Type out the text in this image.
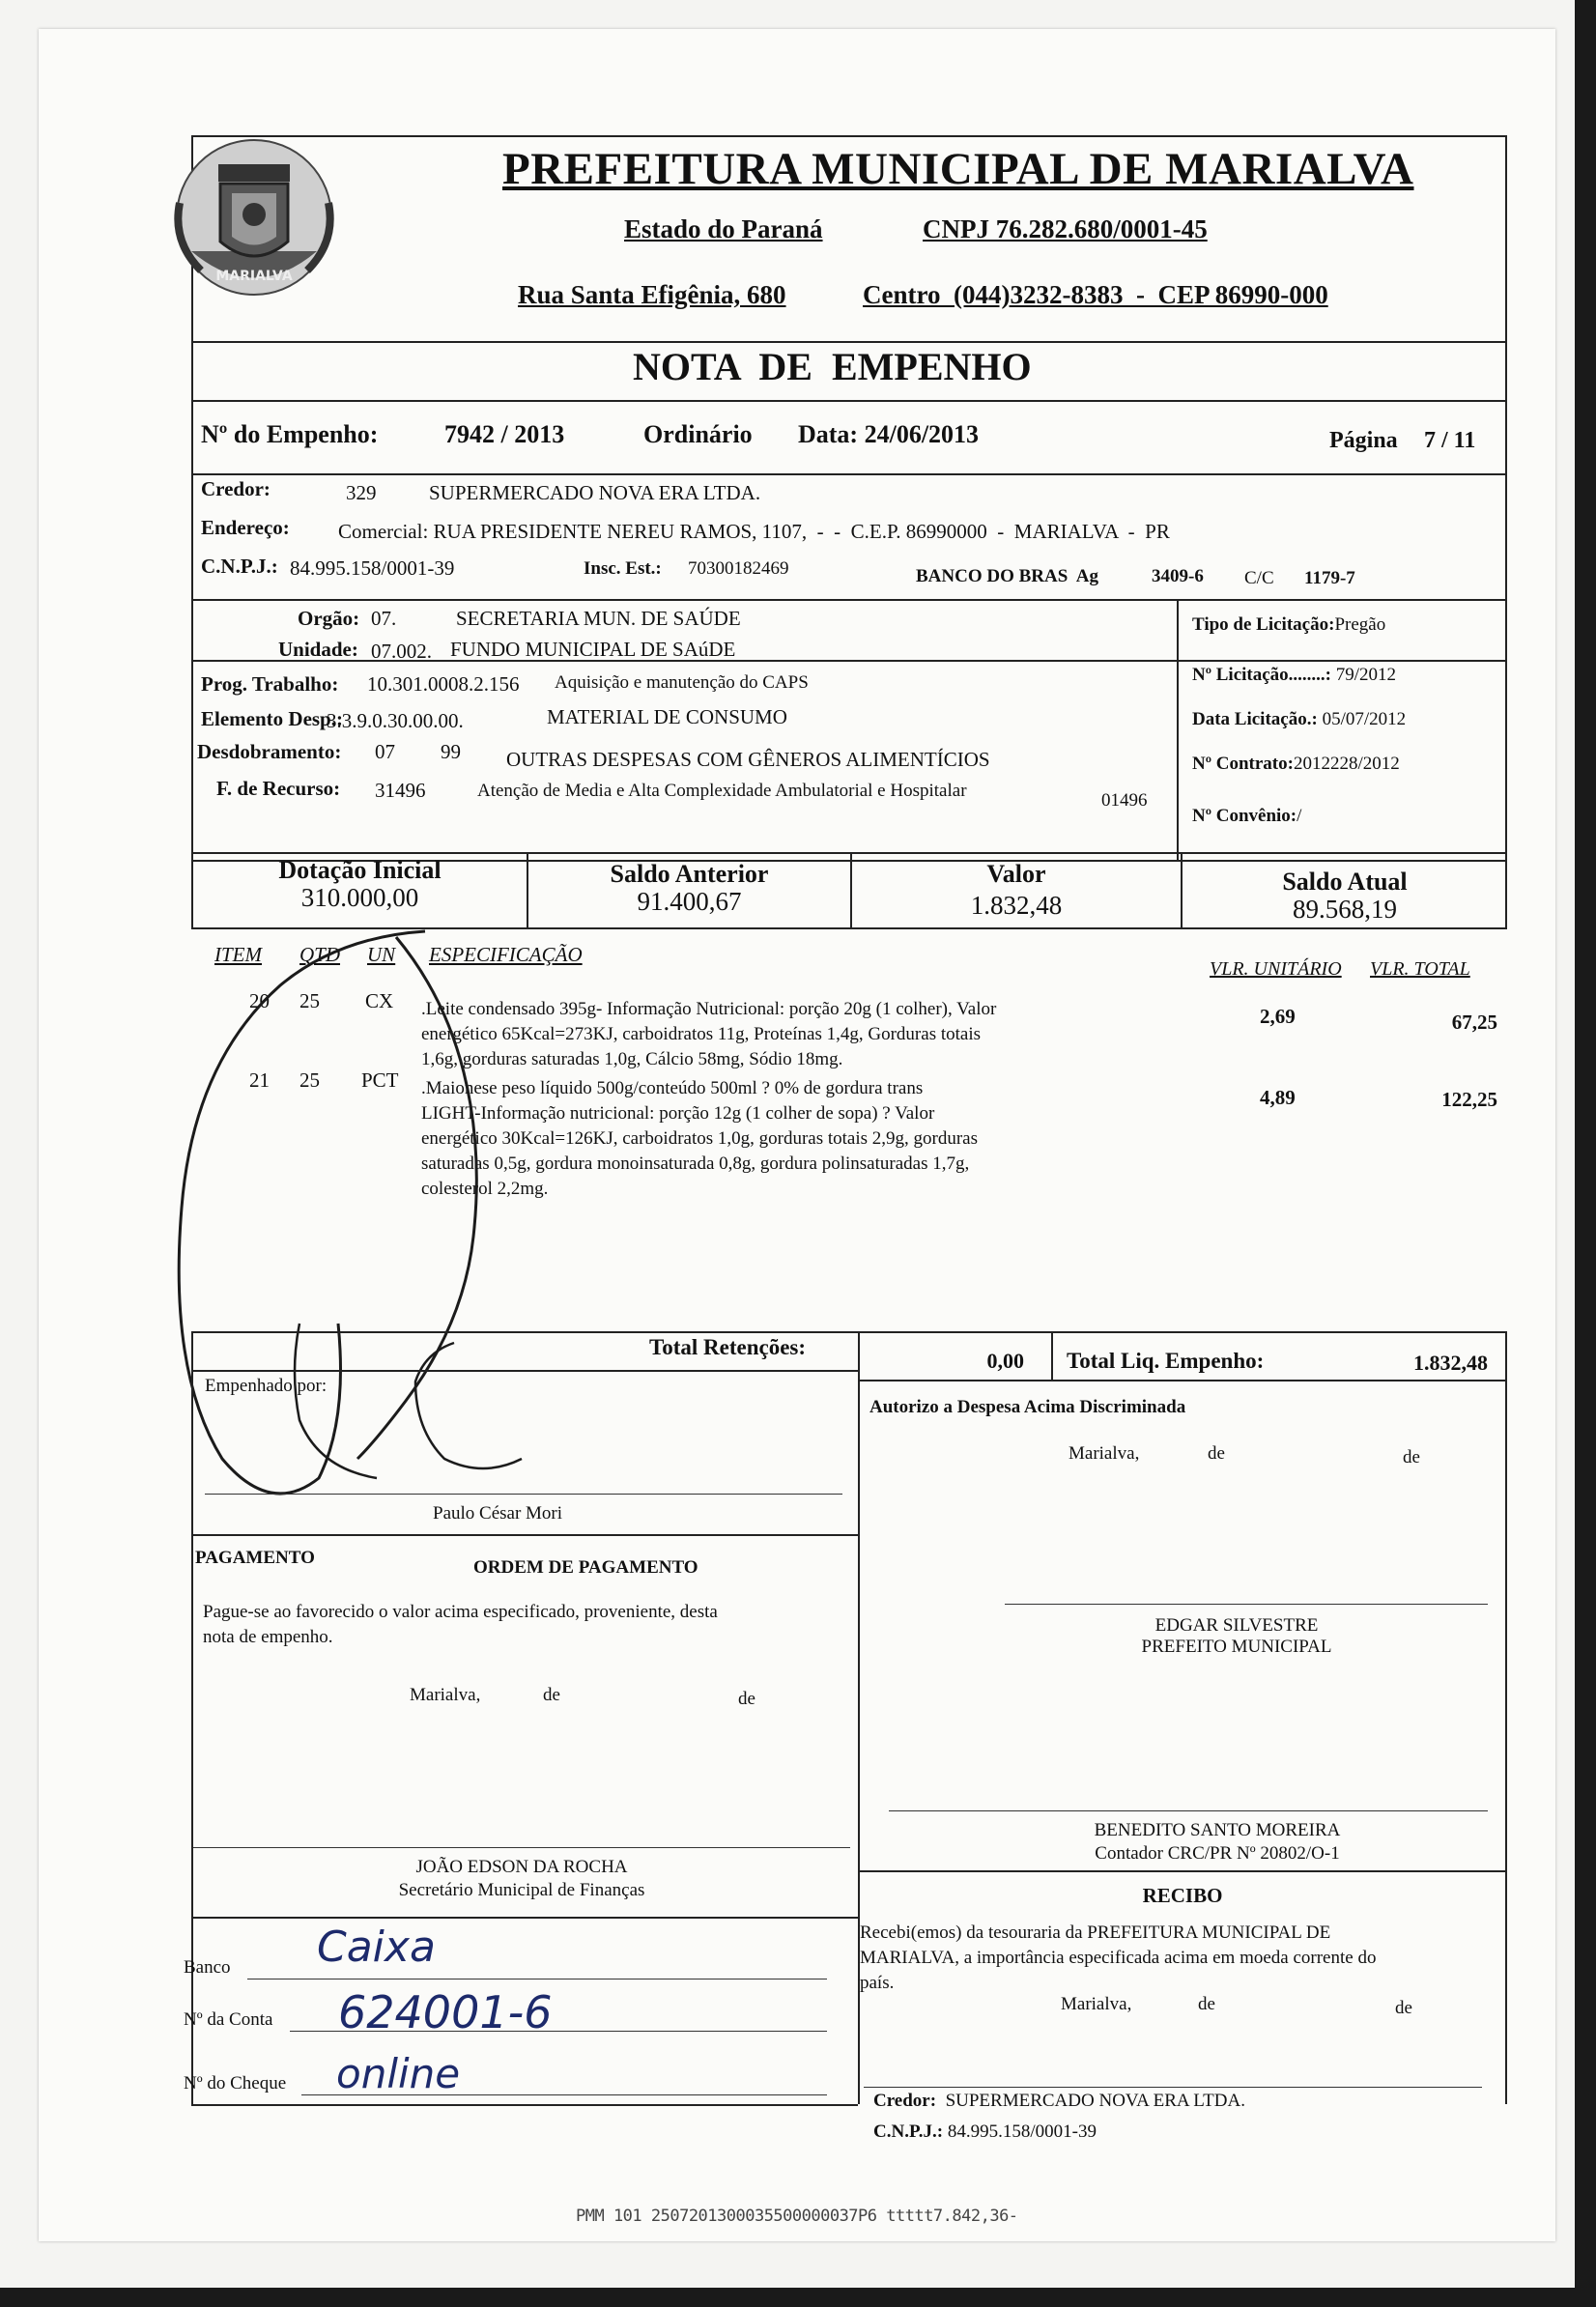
MARIALVA
PREFEITURA MUNICIPAL DE MARIALVA
Estado do Paraná	CNPJ 76.282.680/0001-45
Rua Santa Efigênia, 680	Centro  (044)3232-8383  -  CEP 86990-000
NOTA  DE  EMPENHO
Nº do Empenho:	7942 / 2013	Ordinário Data: 24/06/2013	Página 7 / 11
Credor:	329	SUPERMERCADO NOVA ERA LTDA.
Endereço: Comercial: RUA PRESIDENTE NEREU RAMOS, 1107,  -  -  C.E.P. 86990000  -  MARIALVA  -  PR
C.N.P.J.: 84.995.158/0001-39	Insc. Est.: 70300182469	BANCO DO BRAS  Ag	3409-6 C/C 1179-7
Orgão: 07.	SECRETARIA MUN. DE SAÚDE
Unidade: 07.002. FUNDO MUNICIPAL DE SAúDE
Prog. Trabalho: 10.301.0008.2.156 Aquisição e manutenção do CAPS
Elemento Desp.:
3.3.9.0.30.00.00.	MATERIAL DE CONSUMO
Desdobramento: 07 99 OUTRAS DESPESAS COM GÊNEROS ALIMENTÍCIOS
F. de Recurso: 31496	Atenção de Media e Alta Complexidade Ambulatorial e Hospitalar	01496
Tipo de Licitação:Pregão
Nº Licitação........: 79/2012
Data Licitação.: 05/07/2012
Nº Contrato:2012228/2012
Nº Convênio:/
Dotação Inicial
310.000,00
Saldo Anterior
91.400,67
Valor
1.832,48
Saldo Atual
89.568,19
ITEM QTD UN ESPECIFICAÇÃO
VLR. UNITÁRIO VLR. TOTAL
20 25 CX .Leite condensado 395g- Informação Nutricional: porção 20g (1 colher), Valor
energético 65Kcal=273KJ, carboidratos 11g, Proteínas 1,4g, Gorduras totais
1,6g, gorduras saturadas 1,0g, Cálcio 58mg, Sódio 18mg.
2,69	67,25
21 25 PCT .Maionese peso líquido 500g/conteúdo 500ml ? 0% de gordura trans
LIGHT-Informação nutricional: porção 12g (1 colher de sopa) ? Valor
energético 30Kcal=126KJ, carboidratos 1,0g, gorduras totais 2,9g, gorduras
saturadas 0,5g, gordura monoinsaturada 0,8g, gordura polinsaturadas 1,7g,
colesterol 2,2mg.
4,89	122,25
Total Retenções:
0,00 Total Liq. Empenho:	1.832,48
Empenhado por:
Paulo César Mori
Autorizo a Despesa Acima Discriminada
Marialva,	de	de
PAGAMENTO	ORDEM DE PAGAMENTO
Pague-se ao favorecido o valor acima especificado, proveniente, desta
nota de empenho.
Marialva,	de	de
JOÃO EDSON DA ROCHA
Secretário Municipal de Finanças
Banco Caixa
Nº da Conta 624001-6
Nº do Cheque online
EDGAR SILVESTRE
PREFEITO MUNICIPAL
BENEDITO SANTO MOREIRA
Contador CRC/PR Nº 20802/O-1
RECIBO
Recebi(emos) da tesouraria da PREFEITURA MUNICIPAL DE
MARIALVA, a importância especificada acima em moeda corrente do
país.
Marialva,	de	de
Credor: SUPERMERCADO NOVA ERA LTDA.
C.N.P.J.: 84.995.158/0001-39
PMM 101 2507201300035500000037P6 ttttt7.842,36-
